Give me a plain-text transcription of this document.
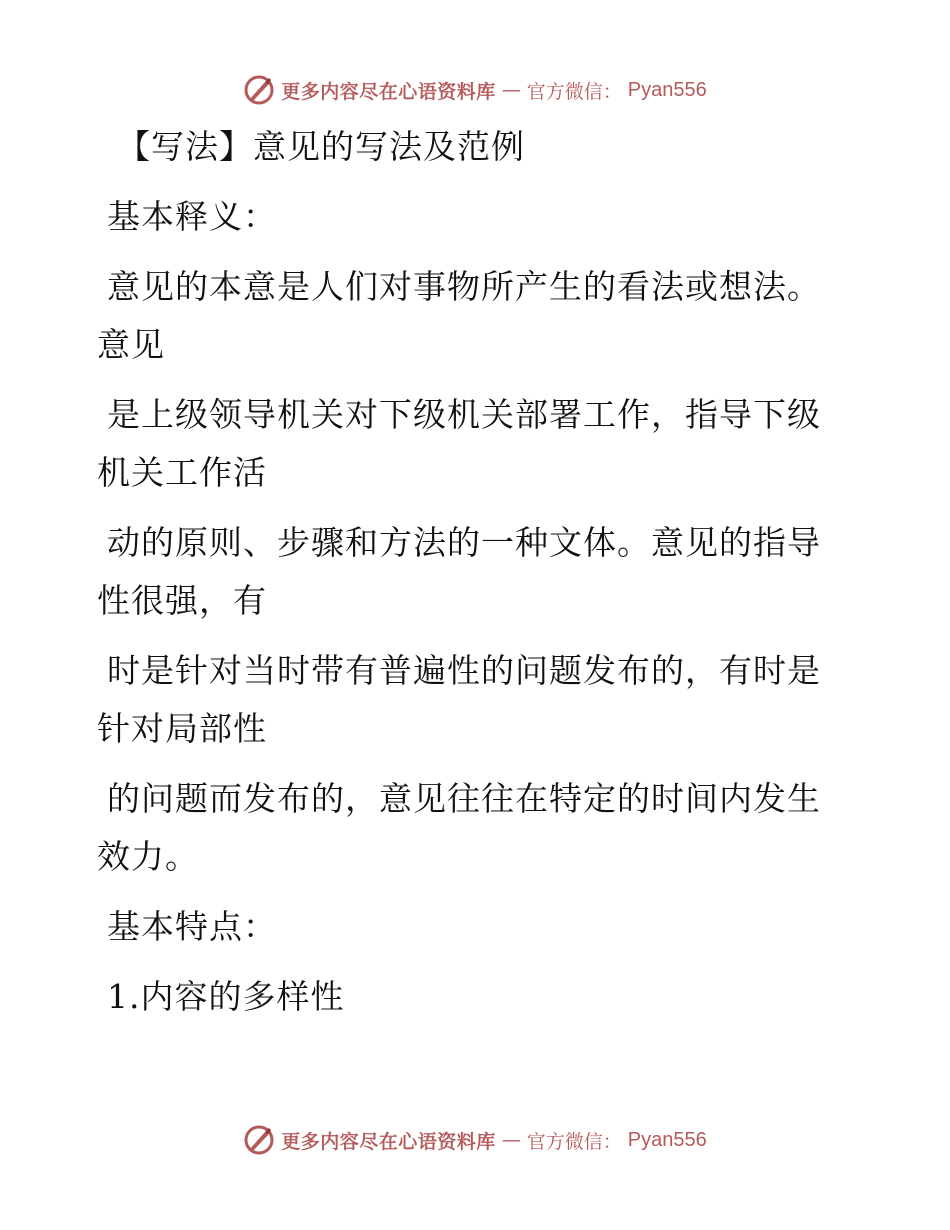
更多内容尽在心语资料库 — 官方微信： Pyan556
【写法】意见的写法及范例
基本释义：
意见的本意是人们对事物所产生的看法或想法。
意见
是上级领导机关对下级机关部署工作，指导下级
机关工作活
动的原则、步骤和方法的一种文体。意见的指导
性很强，有
时是针对当时带有普遍性的问题发布的，有时是
针对局部性
的问题而发布的，意见往往在特定的时间内发生
效力。
基本特点：
1.内容的多样性
更多内容尽在心语资料库 — 官方微信： Pyan556
